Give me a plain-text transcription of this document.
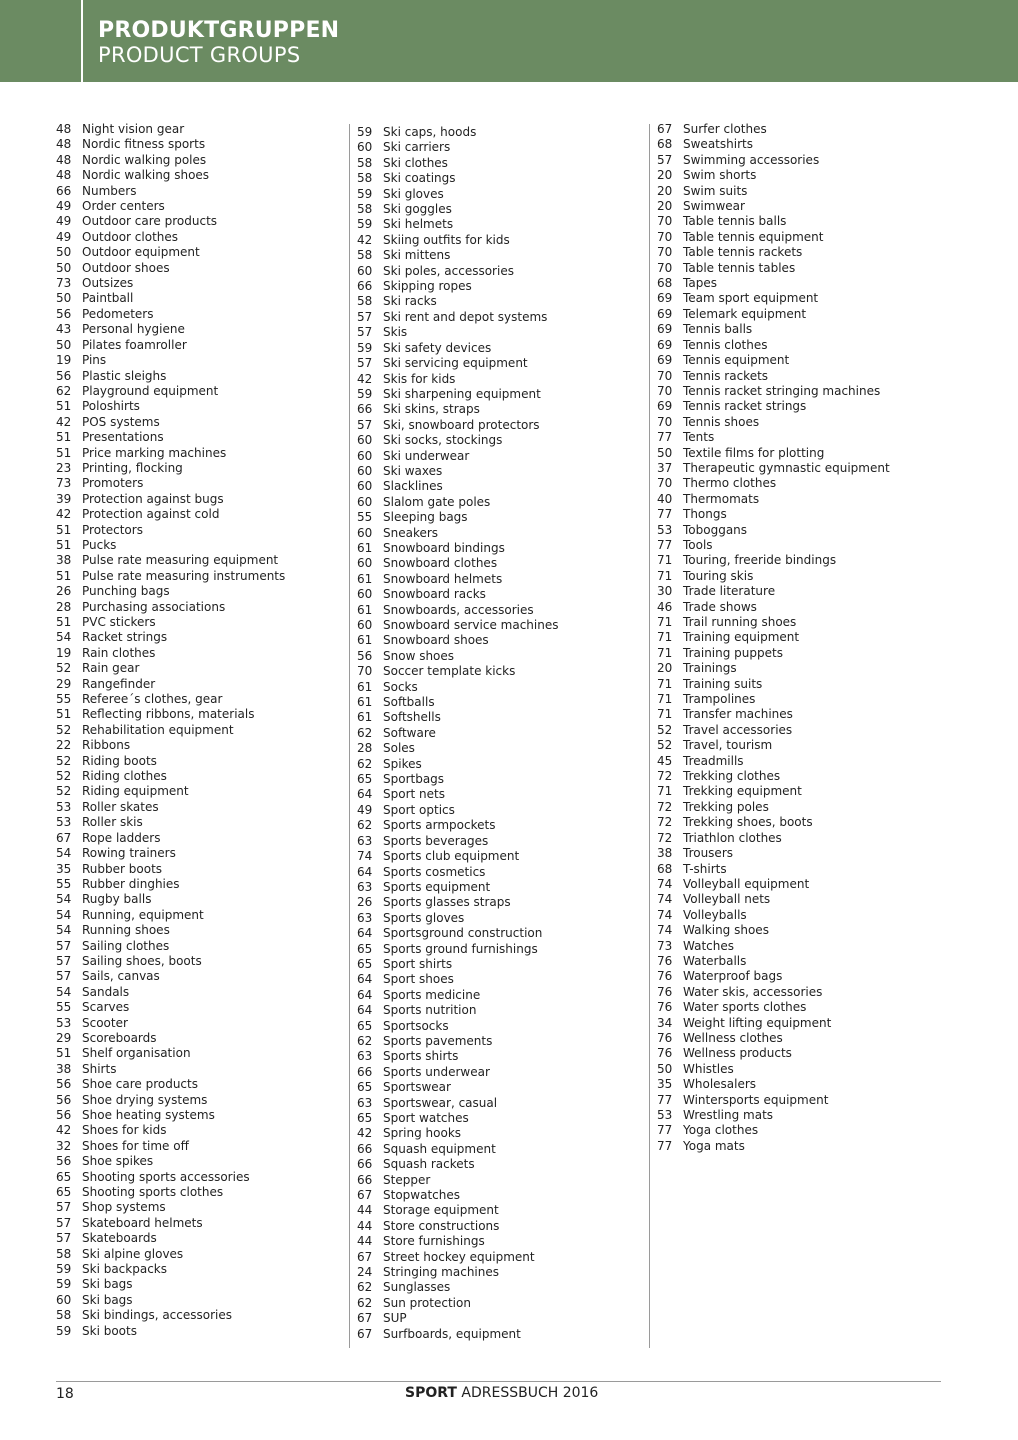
PRODUKTGRUPPEN
PRODUCT GROUPS
48 Night vision gear
48 Nordic fitness sports
48 Nordic walking poles
48 Nordic walking shoes
66 Numbers
49 Order centers
49 Outdoor care products
49 Outdoor clothes
50 Outdoor equipment
50 Outdoor shoes
73 Outsizes
50 Paintball
56 Pedometers
43 Personal hygiene
50 Pilates foamroller
19 Pins
56 Plastic sleighs
62 Playground equipment
51 Poloshirts
42 POS systems
51 Presentations
51 Price marking machines
23 Printing, flocking
73 Promoters
39 Protection against bugs
42 Protection against cold
51 Protectors
51 Pucks
38 Pulse rate measuring equipment
51 Pulse rate measuring instruments
26 Punching bags
28 Purchasing associations
51 PVC stickers
54 Racket strings
19 Rain clothes
52 Rain gear
29 Rangefinder
55 Referee´s clothes, gear
51 Reflecting ribbons, materials
52 Rehabilitation equipment
22 Ribbons
52 Riding boots
52 Riding clothes
52 Riding equipment
53 Roller skates
53 Roller skis
67 Rope ladders
54 Rowing trainers
35 Rubber boots
55 Rubber dinghies
54 Rugby balls
54 Running, equipment
54 Running shoes
57 Sailing clothes
57 Sailing shoes, boots
57 Sails, canvas
54 Sandals
55 Scarves
53 Scooter
29 Scoreboards
51 Shelf organisation
38 Shirts
56 Shoe care products
56 Shoe drying systems
56 Shoe heating systems
42 Shoes for kids
32 Shoes for time off
56 Shoe spikes
65 Shooting sports accessories
65 Shooting sports clothes
57 Shop systems
57 Skateboard helmets
57 Skateboards
58 Ski alpine gloves
59 Ski backpacks
59 Ski bags
60 Ski bags
58 Ski bindings, accessories
59 Ski boots
59 Ski caps, hoods
60 Ski carriers
58 Ski clothes
58 Ski coatings
59 Ski gloves
58 Ski goggles
59 Ski helmets
42 Skiing outfits for kids
58 Ski mittens
60 Ski poles, accessories
66 Skipping ropes
58 Ski racks
57 Ski rent and depot systems
57 Skis
59 Ski safety devices
57 Ski servicing equipment
42 Skis for kids
59 Ski sharpening equipment
66 Ski skins, straps
57 Ski, snowboard protectors
60 Ski socks, stockings
60 Ski underwear
60 Ski waxes
60 Slacklines
60 Slalom gate poles
55 Sleeping bags
60 Sneakers
61 Snowboard bindings
60 Snowboard clothes
61 Snowboard helmets
60 Snowboard racks
61 Snowboards, accessories
60 Snowboard service machines
61 Snowboard shoes
56 Snow shoes
70 Soccer template kicks
61 Socks
61 Softballs
61 Softshells
62 Software
28 Soles
62 Spikes
65 Sportbags
64 Sport nets
49 Sport optics
62 Sports armpockets
63 Sports beverages
74 Sports club equipment
64 Sports cosmetics
63 Sports equipment
26 Sports glasses straps
63 Sports gloves
64 Sportsground construction
65 Sports ground furnishings
65 Sport shirts
64 Sport shoes
64 Sports medicine
64 Sports nutrition
65 Sportsocks
62 Sports pavements
63 Sports shirts
66 Sports underwear
65 Sportswear
63 Sportswear, casual
65 Sport watches
42 Spring hooks
66 Squash equipment
66 Squash rackets
66 Stepper
67 Stopwatches
44 Storage equipment
44 Store constructions
44 Store furnishings
67 Street hockey equipment
24 Stringing machines
62 Sunglasses
62 Sun protection
67 SUP
67 Surfboards, equipment
67 Surfer clothes
68 Sweatshirts
57 Swimming accessories
20 Swim shorts
20 Swim suits
20 Swimwear
70 Table tennis balls
70 Table tennis equipment
70 Table tennis rackets
70 Table tennis tables
68 Tapes
69 Team sport equipment
69 Telemark equipment
69 Tennis balls
69 Tennis clothes
69 Tennis equipment
70 Tennis rackets
70 Tennis racket stringing machines
69 Tennis racket strings
70 Tennis shoes
77 Tents
50 Textile films for plotting
37 Therapeutic gymnastic equipment
70 Thermo clothes
40 Thermomats
77 Thongs
53 Toboggans
77 Tools
71 Touring, freeride bindings
71 Touring skis
30 Trade literature
46 Trade shows
71 Trail running shoes
71 Training equipment
71 Training puppets
20 Trainings
71 Training suits
71 Trampolines
71 Transfer machines
52 Travel accessories
52 Travel, tourism
45 Treadmills
72 Trekking clothes
71 Trekking equipment
72 Trekking poles
72 Trekking shoes, boots
72 Triathlon clothes
38 Trousers
68 T-shirts
74 Volleyball equipment
74 Volleyball nets
74 Volleyballs
74 Walking shoes
73 Watches
76 Waterballs
76 Waterproof bags
76 Water skis, accessories
76 Water sports clothes
34 Weight lifting equipment
76 Wellness clothes
76 Wellness products
50 Whistles
35 Wholesalers
77 Wintersports equipment
53 Wrestling mats
77 Yoga clothes
77 Yoga mats
18	SPORT ADRESSBUCH 2016
